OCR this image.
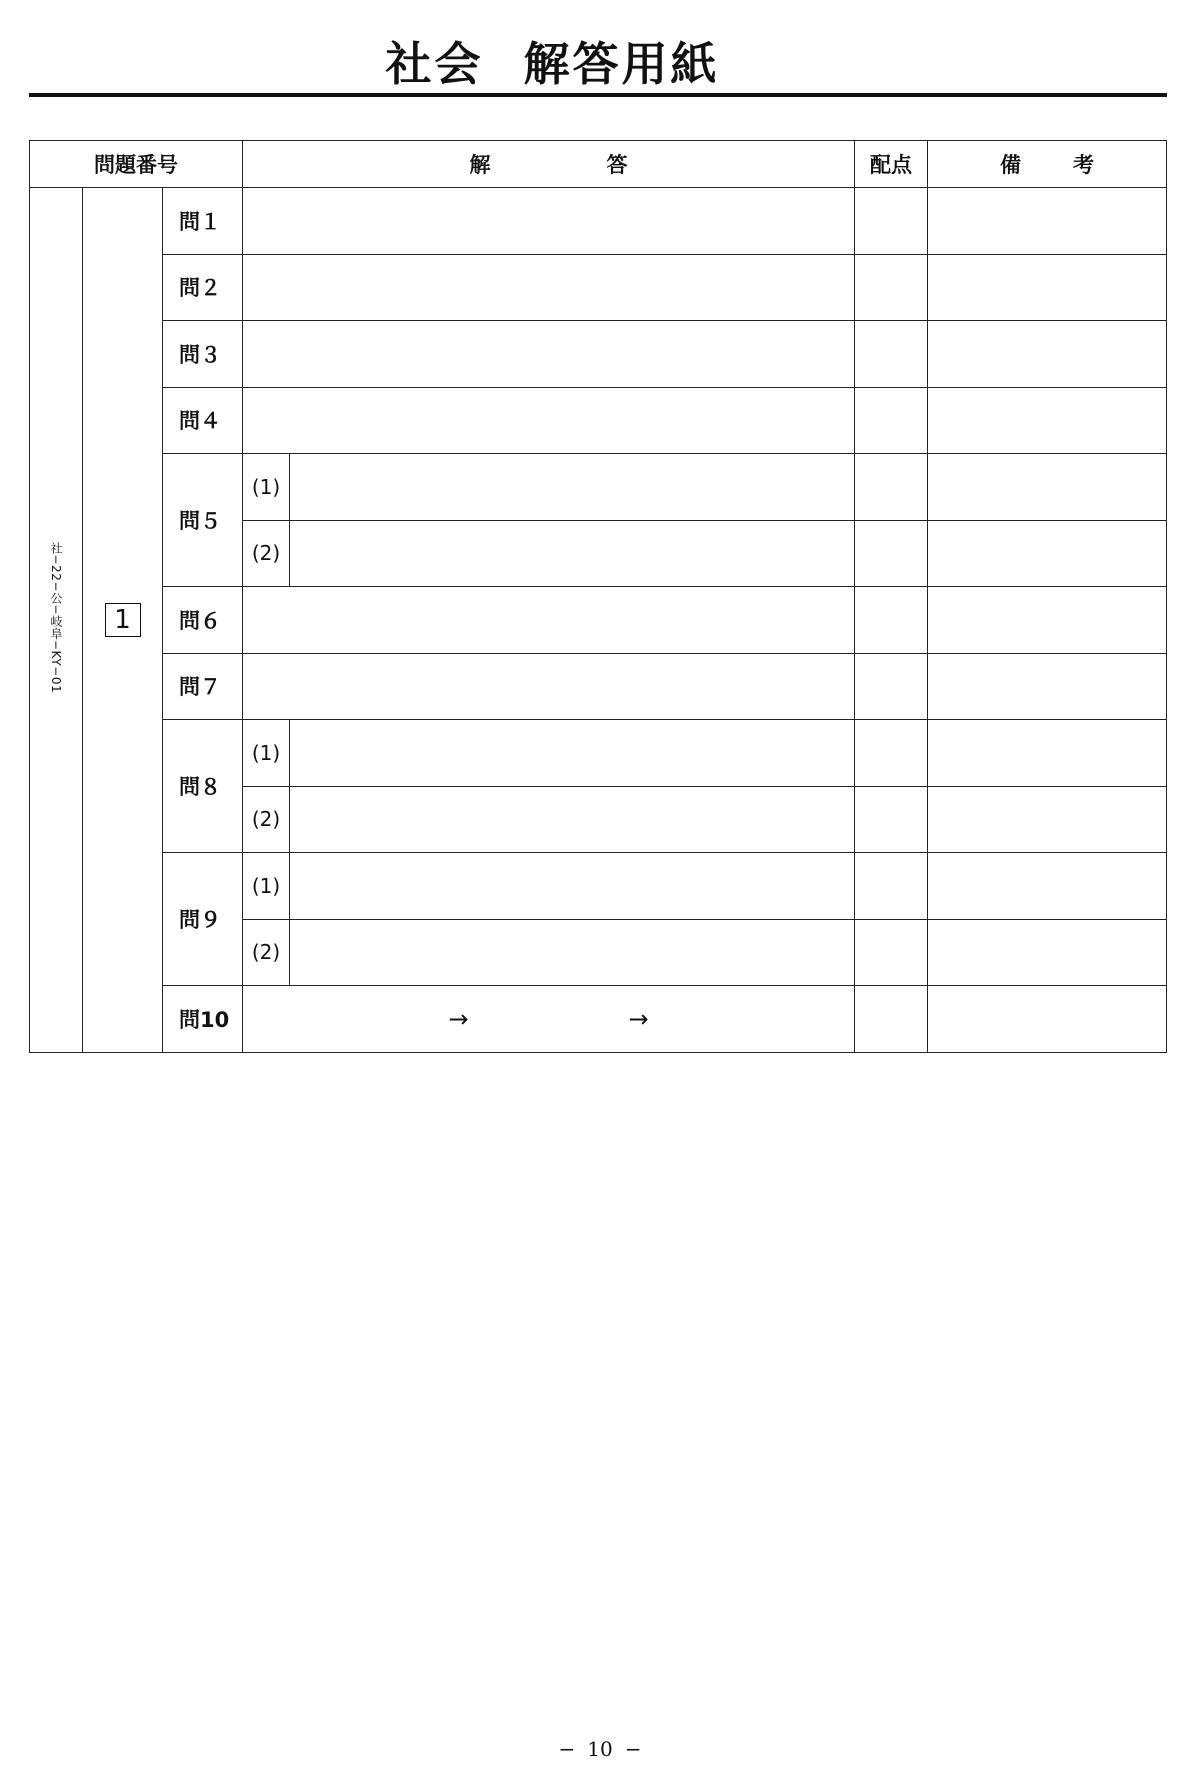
社会 解答用紙
問題番号			解 答		配点	備 考
社−22−公−岐阜−KY−01	1	問１				
		問２				
		問３				
		問４				
		問５	(1)			
			(2)			
		問６				
		問７				
		問８	(1)			
			(2)			
		問９	(1)			
			(2)			
		問10	→ →			
− 10 −
